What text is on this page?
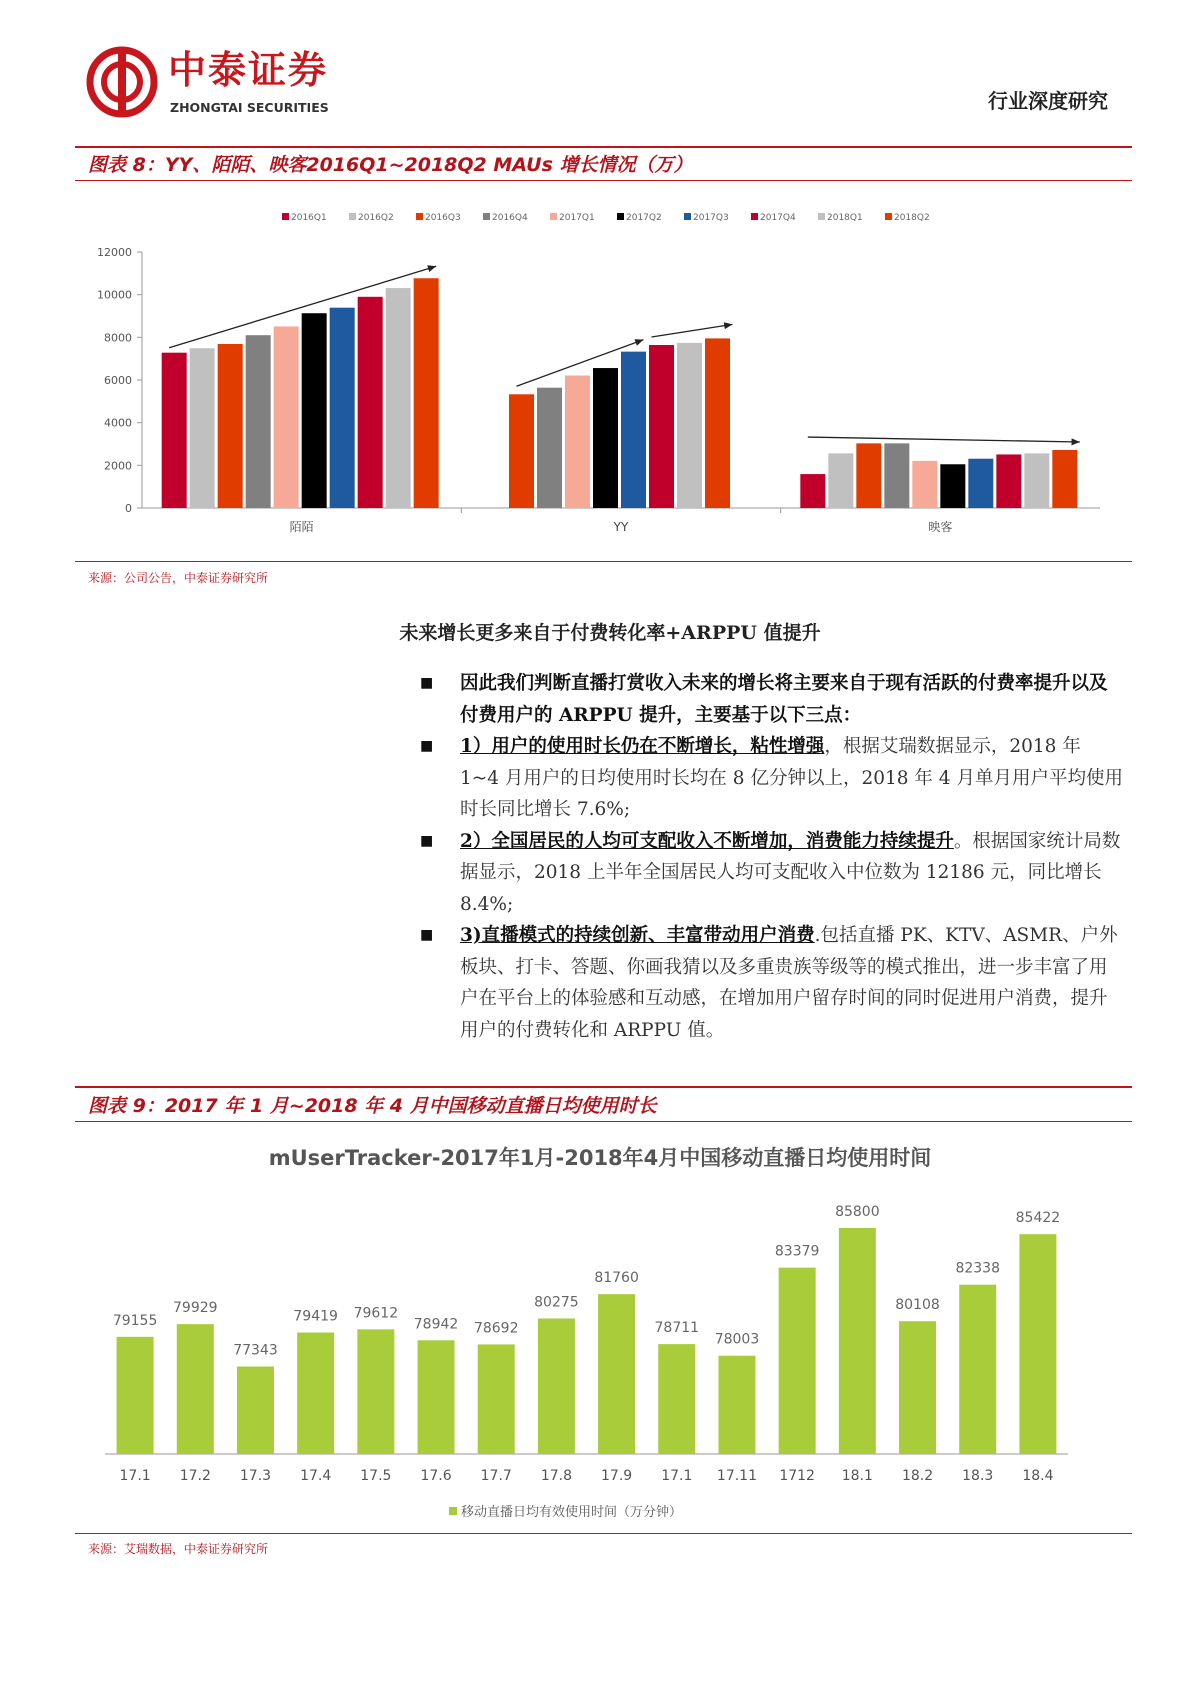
中泰证券
ZHONGTAI SECURITIES	行业深度研究
图表 8：YY、陌陌、映客2016Q1~2018Q2 MAUs 增长情况（万）
2016Q1	2016Q2	2016Q3	2016Q4	2017Q1	2017Q2	2017Q3	2017Q4	2018Q1	2018Q2
0
2000
4000
6000
8000
10000
12000
陌陌	YY	映客
来源：公司公告，中泰证券研究所
未来增长更多来自于付费转化率+ARPPU 值提升
■ 因此我们判断直播打赏收入未来的增长将主要来自于现有活跃的付费率提升以及付费用户的 ARPPU 提升，主要基于以下三点：
■ 1）用户的使用时长仍在不断增长，粘性增强，根据艾瑞数据显示，2018 年 1~4 月用户的日均使用时长均在 8 亿分钟以上，2018 年 4 月单月用户平均使用时长同比增长 7.6%;
■ 2）全国居民的人均可支配收入不断增加，消费能力持续提升。根据国家统计局数据显示，2018 上半年全国居民人均可支配收入中位数为 12186 元，同比增长 8.4%;
■ 3)直播模式的持续创新、丰富带动用户消费.包括直播 PK、KTV、ASMR、户外板块、打卡、答题、你画我猜以及多重贵族等级等的模式推出，进一步丰富了用户在平台上的体验感和互动感，在增加用户留存时间的同时促进用户消费，提升用户的付费转化和 ARPPU 值。
图表 9：2017 年 1 月~2018 年 4 月中国移动直播日均使用时长
mUserTracker-2017年1月-2018年4月中国移动直播日均使用时间
79155
17.1
79929
17.2
77343
17.3
79419
17.4
79612
17.5
78942
17.6
78692
17.7
80275
17.8
81760
17.9
78711
17.1
78003
17.11
83379
1712
85800
18.1
80108
18.2
82338
18.3
85422
18.4
移动直播日均有效使用时间（万分钟）
来源：艾瑞数据，中泰证券研究所
